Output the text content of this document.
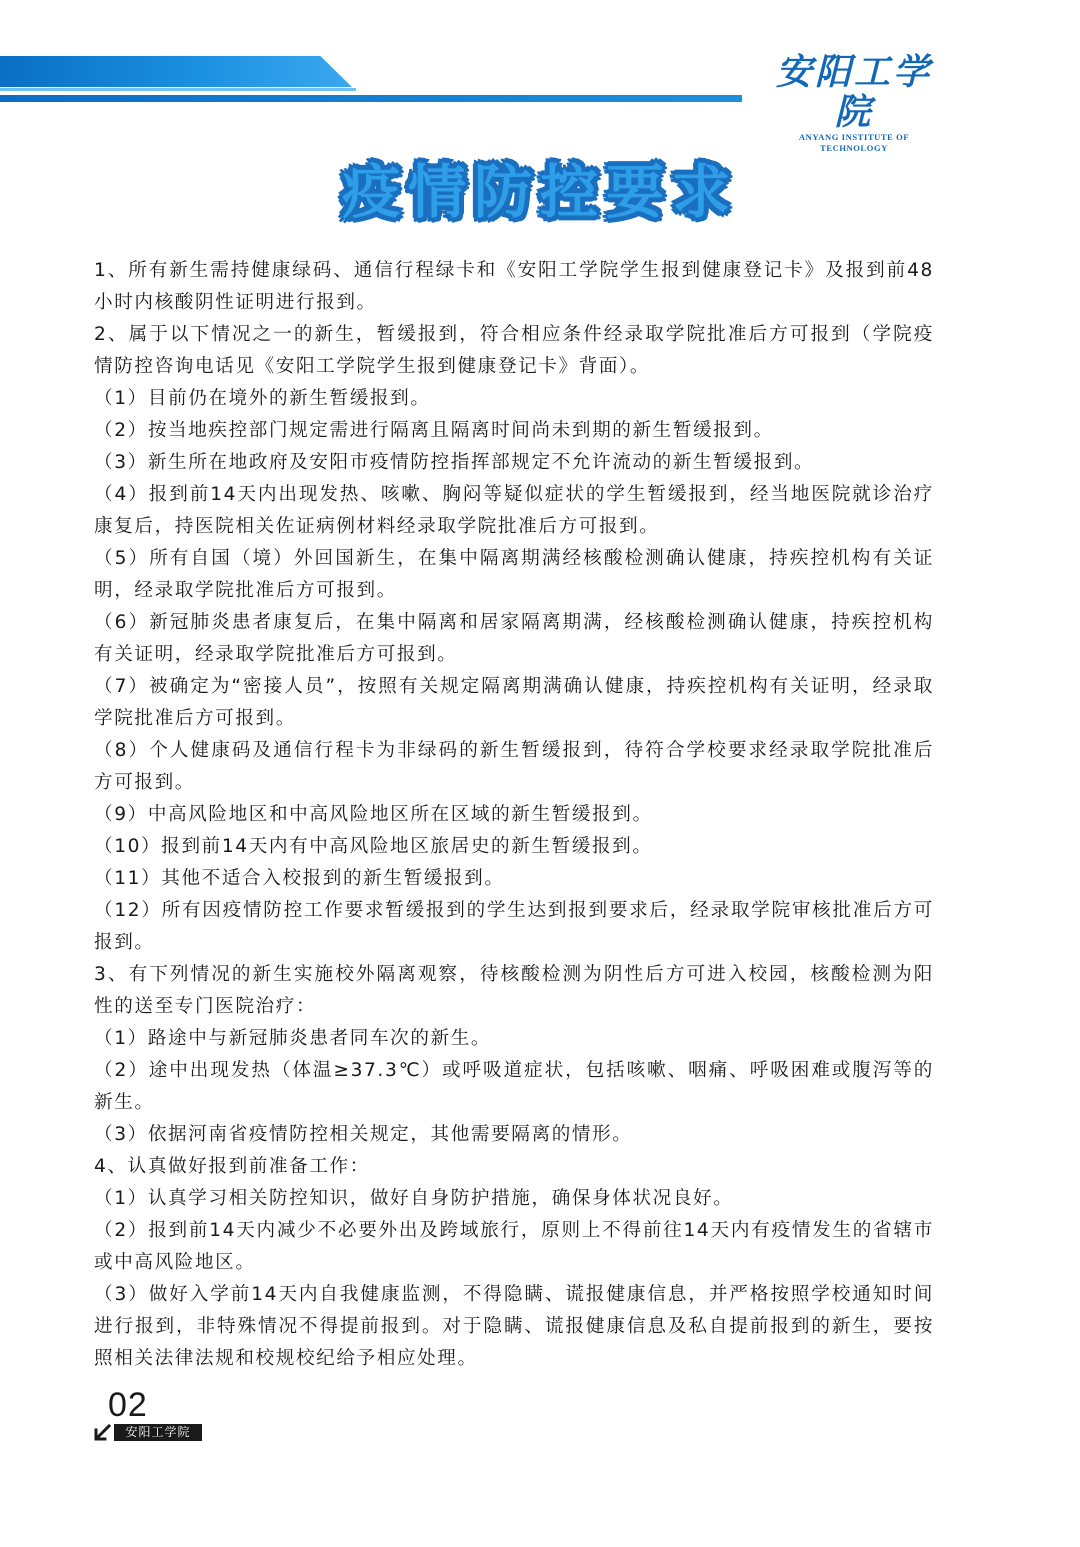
安阳工学院
ANYANG INSTITUTE OF TECHNOLOGY
疫情防控要求

1、所有新生需持健康绿码、通信行程绿卡和《安阳工学院学生报到健康登记卡》及报到前48小时内核酸阴性证明进行报到。

2、属于以下情况之一的新生，暂缓报到，符合相应条件经录取学院批准后方可报到（学院疫情防控咨询电话见《安阳工学院学生报到健康登记卡》背面）。

（1）目前仍在境外的新生暂缓报到。

（2）按当地疾控部门规定需进行隔离且隔离时间尚未到期的新生暂缓报到。

（3）新生所在地政府及安阳市疫情防控指挥部规定不允许流动的新生暂缓报到。

（4）报到前14天内出现发热、咳嗽、胸闷等疑似症状的学生暂缓报到，经当地医院就诊治疗康复后，持医院相关佐证病例材料经录取学院批准后方可报到。

（5）所有自国（境）外回国新生，在集中隔离期满经核酸检测确认健康，持疾控机构有关证明，经录取学院批准后方可报到。

（6）新冠肺炎患者康复后，在集中隔离和居家隔离期满，经核酸检测确认健康，持疾控机构有关证明，经录取学院批准后方可报到。

（7）被确定为“密接人员”，按照有关规定隔离期满确认健康，持疾控机构有关证明，经录取学院批准后方可报到。

（8）个人健康码及通信行程卡为非绿码的新生暂缓报到，待符合学校要求经录取学院批准后方可报到。

（9）中高风险地区和中高风险地区所在区域的新生暂缓报到。

（10）报到前14天内有中高风险地区旅居史的新生暂缓报到。

（11）其他不适合入校报到的新生暂缓报到。

（12）所有因疫情防控工作要求暂缓报到的学生达到报到要求后，经录取学院审核批准后方可报到。

3、有下列情况的新生实施校外隔离观察，待核酸检测为阴性后方可进入校园，核酸检测为阳性的送至专门医院治疗：

（1）路途中与新冠肺炎患者同车次的新生。

（2）途中出现发热（体温≥37.3℃）或呼吸道症状，包括咳嗽、咽痛、呼吸困难或腹泻等的新生。

（3）依据河南省疫情防控相关规定，其他需要隔离的情形。

4、认真做好报到前准备工作：

（1）认真学习相关防控知识，做好自身防护措施，确保身体状况良好。

（2）报到前14天内减少不必要外出及跨域旅行，原则上不得前往14天内有疫情发生的省辖市或中高风险地区。

（3）做好入学前14天内自我健康监测，不得隐瞒、谎报健康信息，并严格按照学校通知时间进行报到，非特殊情况不得提前报到。对于隐瞒、谎报健康信息及私自提前报到的新生，要按照相关法律法规和校规校纪给予相应处理。

02
安阳工学院
